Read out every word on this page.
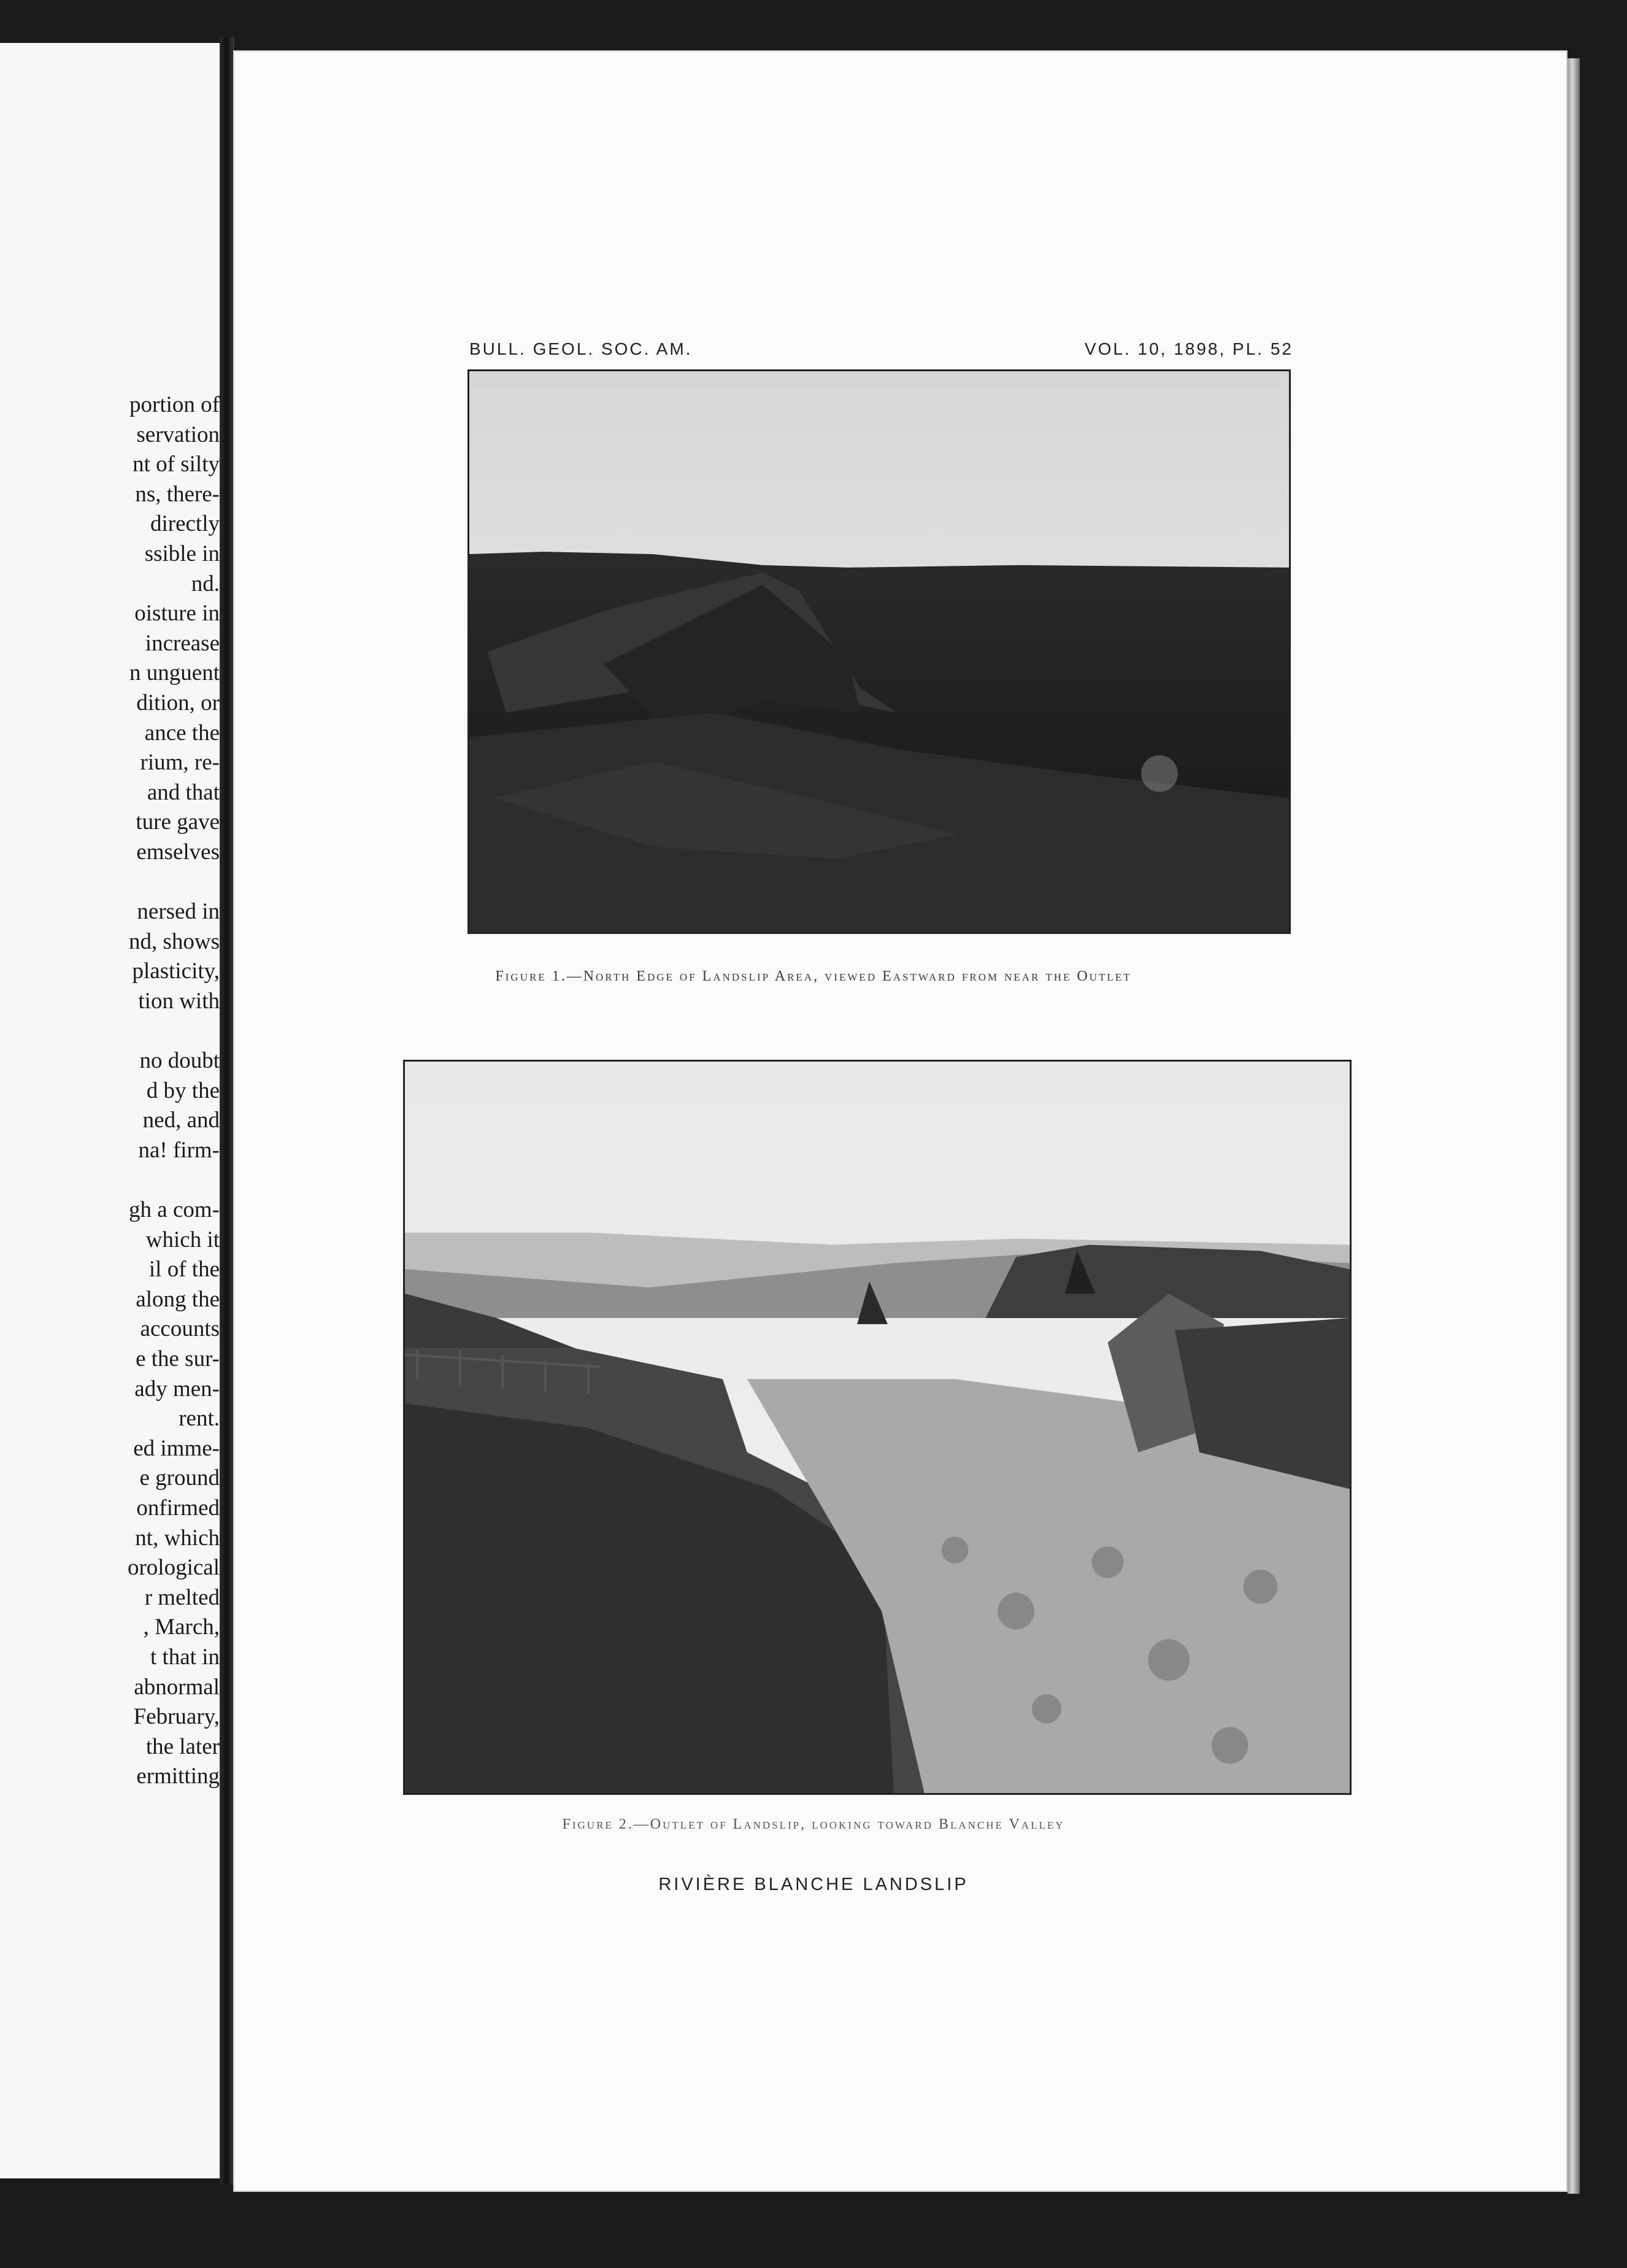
portion of
servation
nt of silty
ns, there-
directly
ssible in
nd.
oisture in
increase
n unguent
dition, or
ance the
rium, re-
and that
ture gave
emselves

nersed in
nd, shows
plasticity,
tion with

no doubt
d by the
ned, and
na! firm-

gh a com-
which it
il of the
along the
accounts
e the sur-
ady men-
rent.
ed imme-
e ground
onfirmed
nt, which
orological
r melted
, March,
t that in
abnormal
February,
the later
ermitting
BULL. GEOL. SOC. AM.	VOL. 10, 1898, PL. 52
Figure 1.—North Edge of Landslip Area, viewed Eastward from near the Outlet
Figure 2.—Outlet of Landslip, looking toward Blanche Valley
RIVIÈRE BLANCHE LANDSLIP
